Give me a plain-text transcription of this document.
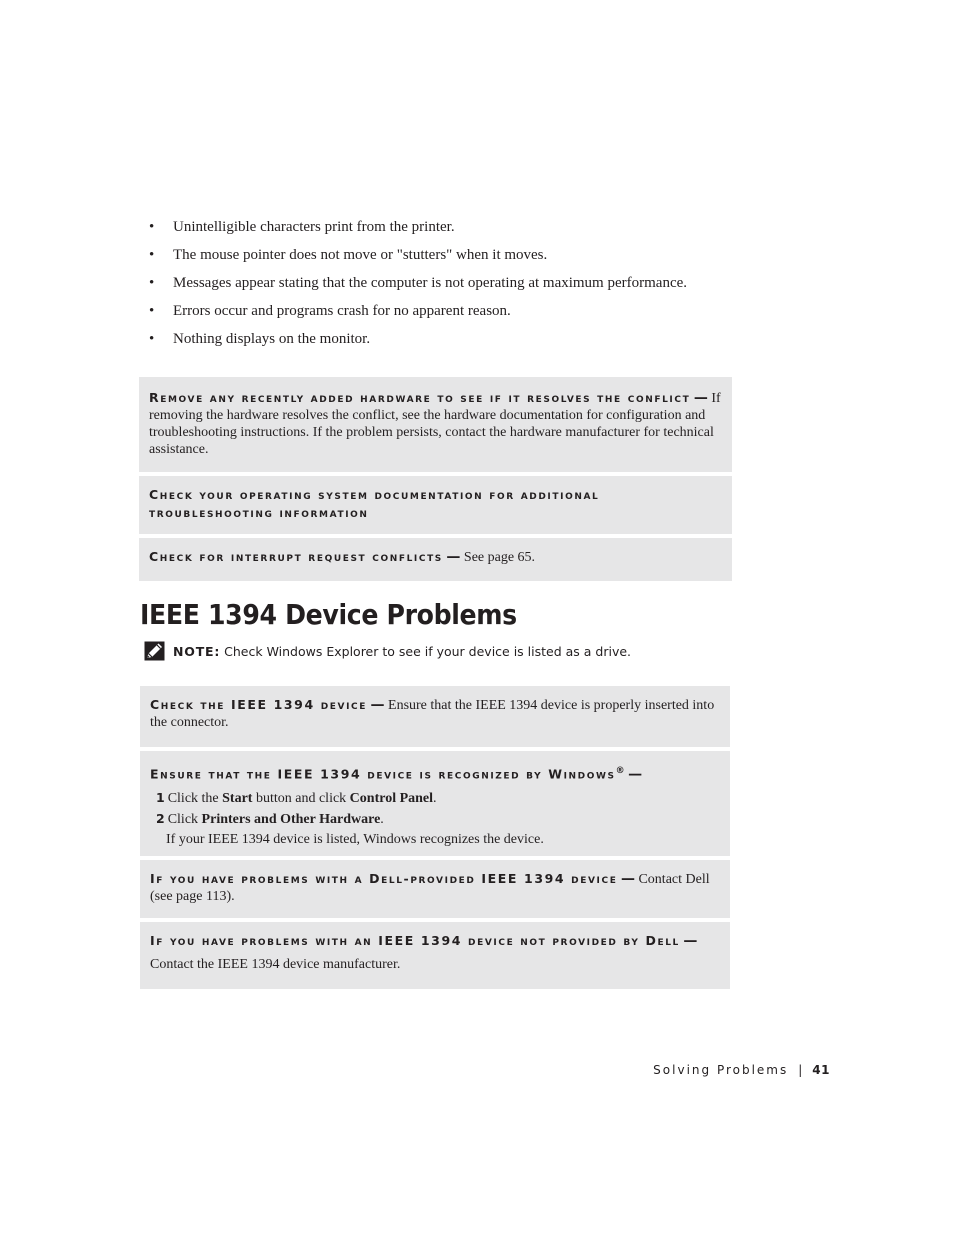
• Unintelligible characters print from the printer.
• The mouse pointer does not move or "stutters" when it moves.
• Messages appear stating that the computer is not operating at maximum performance.
• Errors occur and programs crash for no apparent reason.
• Nothing displays on the monitor.
Remove any recently added hardware to see if it resolves the conflict — If removing the hardware resolves the conflict, see the hardware documentation for configuration and troubleshooting instructions. If the problem persists, contact the hardware manufacturer for technical assistance.
Check your operating system documentation for additional troubleshooting information
Check for interrupt request conflicts — See page 65.
IEEE 1394 Device Problems
NOTE: Check Windows Explorer to see if your device is listed as a drive.
Check the IEEE 1394 device — Ensure that the IEEE 1394 device is properly inserted into the connector.
Ensure that the IEEE 1394 device is recognized by Windows® —
1 Click the Start button and click Control Panel.
2 Click Printers and Other Hardware.
If your IEEE 1394 device is listed, Windows recognizes the device.
If you have problems with a Dell-provided IEEE 1394 device — Contact Dell (see page 113).
If you have problems with an IEEE 1394 device not provided by Dell —
Contact the IEEE 1394 device manufacturer.
Solving Problems | 41
